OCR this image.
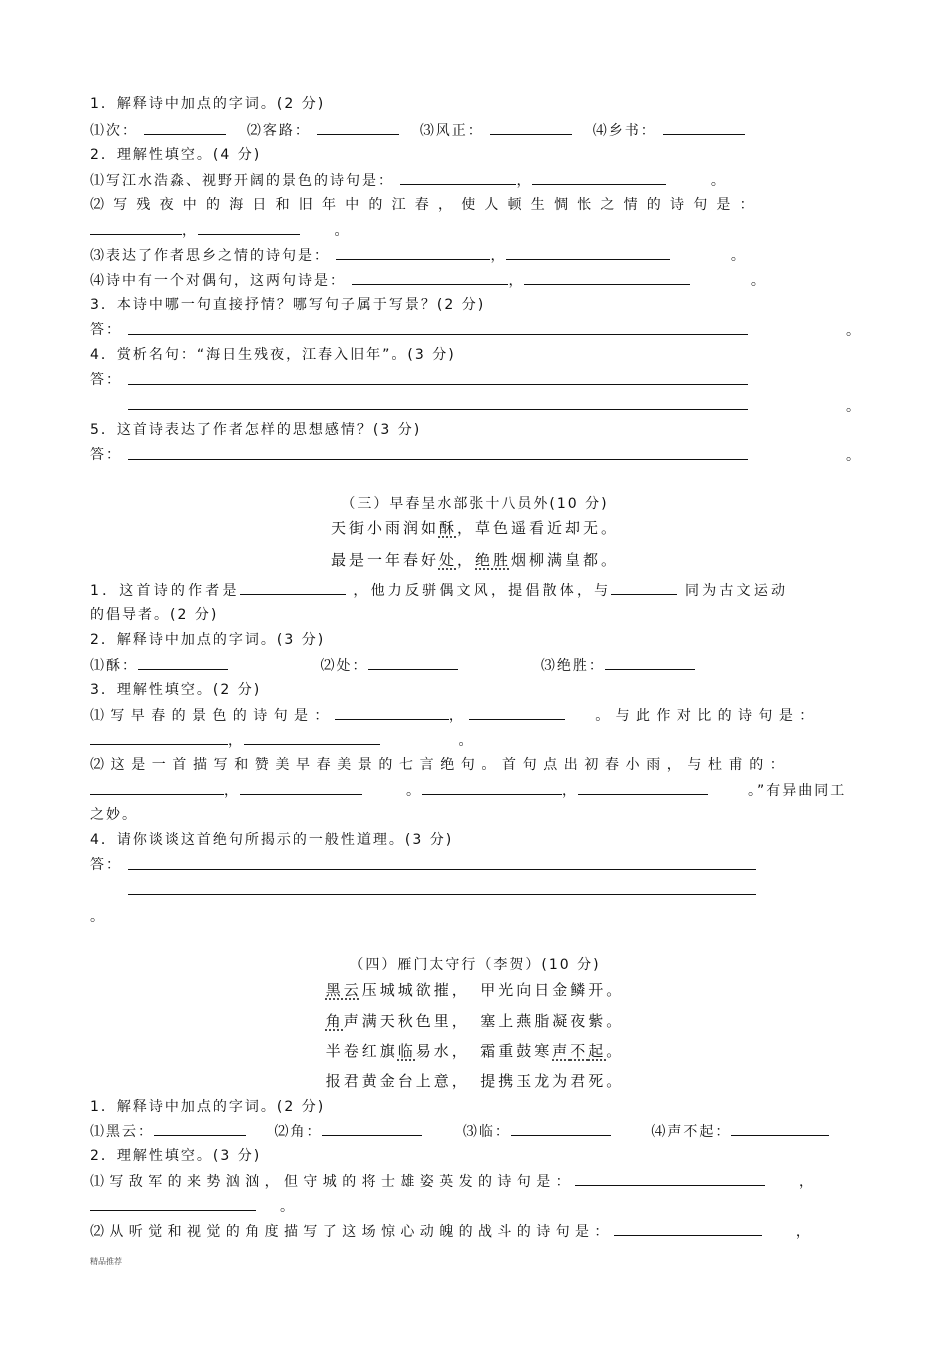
1．解释诗中加点的字词。(2 分)
⑴次：	⑵客路：	⑶风正：	⑷乡书：
2．理解性填空。(4 分)
⑴写江水浩淼、视野开阔的景色的诗句是：	，	。
⑵写残夜中的海日和旧年中的江春，使人顿生惆怅之情的诗句是：
，	。
⑶表达了作者思乡之情的诗句是：	，	。
⑷诗中有一个对偶句，这两句诗是：	，	。
3．本诗中哪一句直接抒情？哪写句子属于写景？(2 分)
答：	。
4．赏析名句：“海日生残夜，江春入旧年”。(3 分)
答：
。
5．这首诗表达了作者怎样的思想感情？(3 分)
答：	。
（三）早春呈水部张十八员外(10 分)
天街小雨润如酥，草色遥看近却无。
最是一年春好处，绝胜烟柳满皇都。
1．这首诗的作者是	，他力反骈偶文风，提倡散体，与	同为古文运动
的倡导者。(2 分)
2．解释诗中加点的字词。(3 分)
⑴酥：	⑵处：	⑶绝胜：
3．理解性填空。(2 分)
⑴写早春的景色的诗句是：	，	。与此作对比的诗句是：
，	。
⑵这是一首描写和赞美早春美景的七言绝句。首句点出初春小雨，与杜甫的：
，	。	，	。”有异曲同工
之妙。
4．请你谈谈这首绝句所揭示的一般性道理。(3 分)
答：
。
（四）雁门太守行（李贺）(10 分)
黑云压城城欲摧，　甲光向日金鳞开。
角声满天秋色里，　塞上燕脂凝夜紫。
半卷红旗临易水，　霜重鼓寒声不起。
报君黄金台上意，　提携玉龙为君死。
1．解释诗中加点的字词。(2 分)
⑴黑云：	⑵角：	⑶临：	⑷声不起：
2．理解性填空。(3 分)
⑴写敌军的来势汹汹，但守城的将士雄姿英发的诗句是：	，
。
⑵从听觉和视觉的角度描写了这场惊心动魄的战斗的诗句是：	，
精品推荐
